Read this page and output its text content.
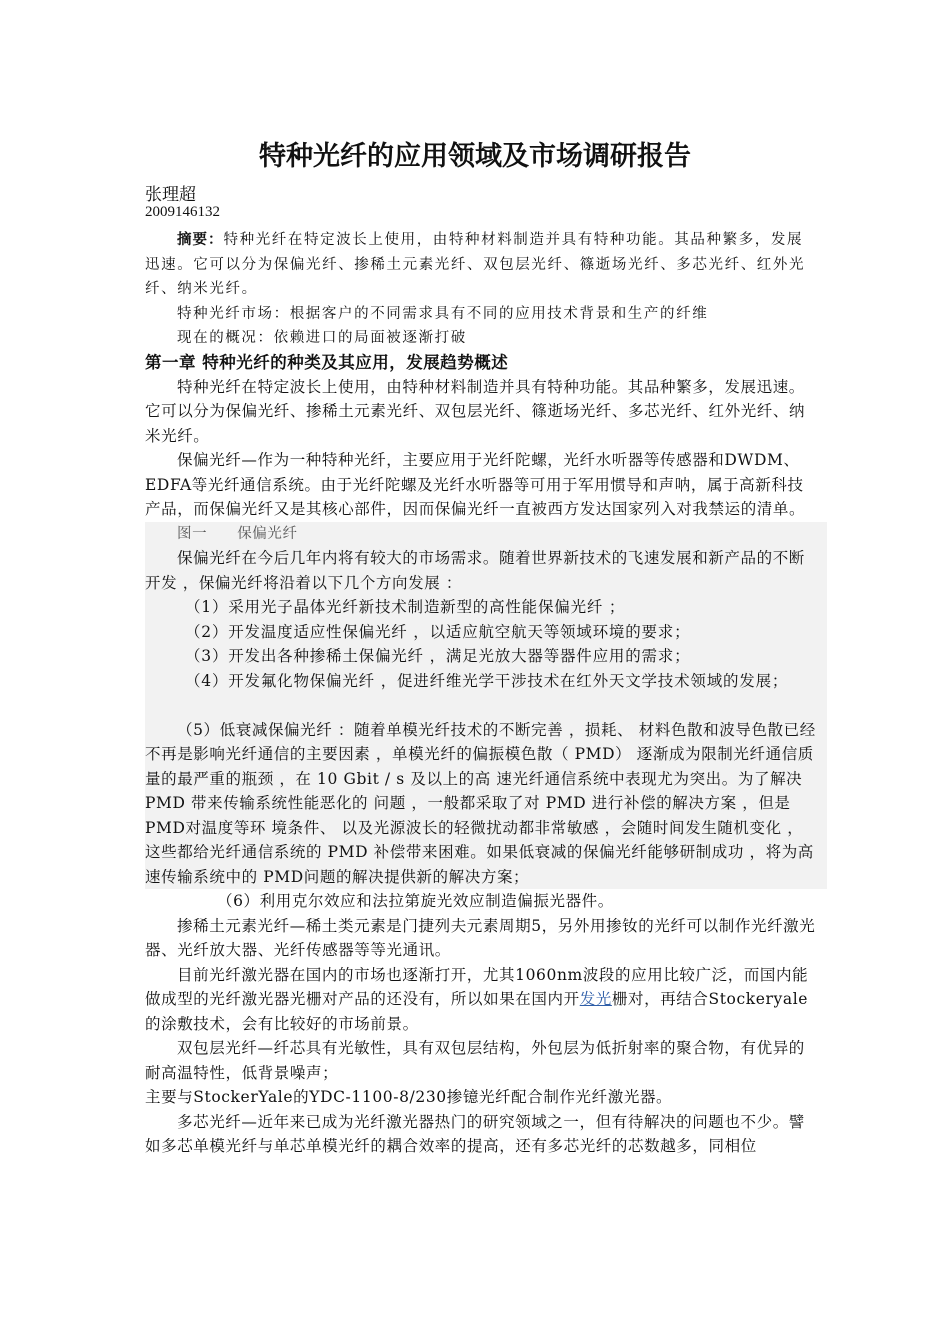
特种光纤的应用领域及市场调研报告
张理超
2009146132

摘要：特种光纤在特定波长上使用，由特种材料制造并具有特种功能。其品种繁多，发展迅速。它可以分为保偏光纤、掺稀土元素光纤、双包层光纤、篠逝场光纤、多芯光纤、红外光纤、纳米光纤。

特种光纤市场：根据客户的不同需求具有不同的应用技术背景和生产的纤维

现在的概况：依赖进口的局面被逐渐打破

第一章 特种光纤的种类及其应用，发展趋势概述

特种光纤在特定波长上使用，由特种材料制造并具有特种功能。其品种繁多，发展迅速。它可以分为保偏光纤、掺稀土元素光纤、双包层光纤、篠逝场光纤、多芯光纤、红外光纤、纳米光纤。

保偏光纤—作为一种特种光纤，主要应用于光纤陀螺，光纤水听器等传感器和DWDM、EDFA等光纤通信系统。由于光纤陀螺及光纤水听器等可用于军用惯导和声呐，属于高新科技产品，而保偏光纤又是其核心部件，因而保偏光纤一直被西方发达国家列入对我禁运的清单。

图一 保偏光纤

保偏光纤在今后几年内将有较大的市场需求。随着世界新技术的飞速发展和新产品的不断开发 ，保偏光纤将沿着以下几个方向发展 ：

（1）采用光子晶体光纤新技术制造新型的高性能保偏光纤 ；

（2）开发温度适应性保偏光纤 ，以适应航空航天等领域环境的要求；

（3）开发出各种掺稀土保偏光纤 ，满足光放大器等器件应用的需求；

（4）开发氟化物保偏光纤 ，促进纤维光学干涉技术在红外天文学技术领域的发展；

（5）低衰减保偏光纤 ：随着单模光纤技术的不断完善 ，损耗、 材料色散和波导色散已经不再是影响光纤通信的主要因素 ，单模光纤的偏振模色散（ PMD） 逐渐成为限制光纤通信质量的最严重的瓶颈 ，在 10 Gbit / s 及以上的高 速光纤通信系统中表现尤为突出。为了解决 PMD 带来传输系统性能恶化的 问题 ，一般都采取了对 PMD 进行补偿的解决方案 ，但是PMD对温度等环 境条件、 以及光源波长的轻微扰动都非常敏感 ，会随时间发生随机变化 ， 这些都给光纤通信系统的 PMD 补偿带来困难。如果低衰减的保偏光纤能够研制成功 ，将为高速传输系统中的 PMD问题的解决提供新的解决方案；

（6）利用克尔效应和法拉第旋光效应制造偏振光器件。

掺稀土元素光纤—稀土类元素是门捷列夫元素周期5，另外用掺钕的光纤可以制作光纤激光器、光纤放大器、光纤传感器等等光通讯。

目前光纤激光器在国内的市场也逐渐打开，尤其1060nm波段的应用比较广泛，而国内能做成型的光纤激光器光栅对产品的还没有，所以如果在国内开发光栅对，再结合Stockeryale的涂敷技术，会有比较好的市场前景。

双包层光纤—纤芯具有光敏性，具有双包层结构，外包层为低折射率的聚合物，有优异的耐高温特性，低背景噪声；

主要与StockerYale的YDC-1100-8/230掺镱光纤配合制作光纤激光器。

多芯光纤—近年来已成为光纤激光器热门的研究领域之一，但有待解决的问题也不少。譬如多芯单模光纤与单芯单模光纤的耦合效率的提高，还有多芯光纤的芯数越多，同相位
